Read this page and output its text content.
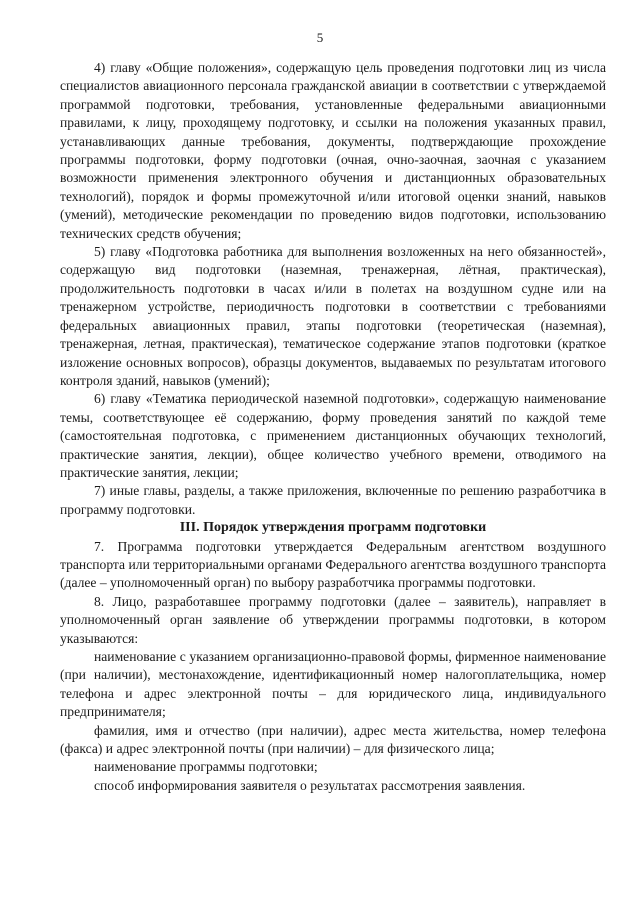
5

4) главу «Общие положения», содержащую цель проведения подготовки лиц из числа специалистов авиационного персонала гражданской авиации в соответствии с утверждаемой программой подготовки, требования, установленные федеральными авиационными правилами, к лицу, проходящему подготовку, и ссылки на положения указанных правил, устанавливающих данные требования, документы, подтверждающие прохождение программы подготовки, форму подготовки (очная, очно-заочная, заочная с указанием возможности применения электронного обучения и дистанционных образовательных технологий), порядок и формы промежуточной и/или итоговой оценки знаний, навыков (умений), методические рекомендации по проведению видов подготовки, использованию технических средств обучения;

5) главу «Подготовка работника для выполнения возложенных на него обязанностей», содержащую вид подготовки (наземная, тренажерная, лётная, практическая), продолжительность подготовки в часах и/или в полетах на воздушном судне или на тренажерном устройстве, периодичность подготовки в соответствии с требованиями федеральных авиационных правил, этапы подготовки (теоретическая (наземная), тренажерная, летная, практическая), тематическое содержание этапов подготовки (краткое изложение основных вопросов), образцы документов, выдаваемых по результатам итогового контроля зданий, навыков (умений);

6) главу «Тематика периодической наземной подготовки», содержащую наименование темы, соответствующее её содержанию, форму проведения занятий по каждой теме (самостоятельная подготовка, с применением дистанционных обучающих технологий, практические занятия, лекции), общее количество учебного времени, отводимого на практические занятия, лекции;

7) иные главы, разделы, а также приложения, включенные по решению разработчика в программу подготовки.

III. Порядок утверждения программ подготовки

7. Программа подготовки утверждается Федеральным агентством воздушного транспорта или территориальными органами Федерального агентства воздушного транспорта (далее – уполномоченный орган) по выбору разработчика программы подготовки.

8. Лицо, разработавшее программу подготовки (далее – заявитель), направляет в уполномоченный орган заявление об утверждении программы подготовки, в котором указываются:

наименование с указанием организационно-правовой формы, фирменное наименование (при наличии), местонахождение, идентификационный номер налогоплательщика, номер телефона и адрес электронной почты – для юридического лица, индивидуального предпринимателя;

фамилия, имя и отчество (при наличии), адрес места жительства, номер телефона (факса) и адрес электронной почты (при наличии) – для физического лица;

наименование программы подготовки;

способ информирования заявителя о результатах рассмотрения заявления.
